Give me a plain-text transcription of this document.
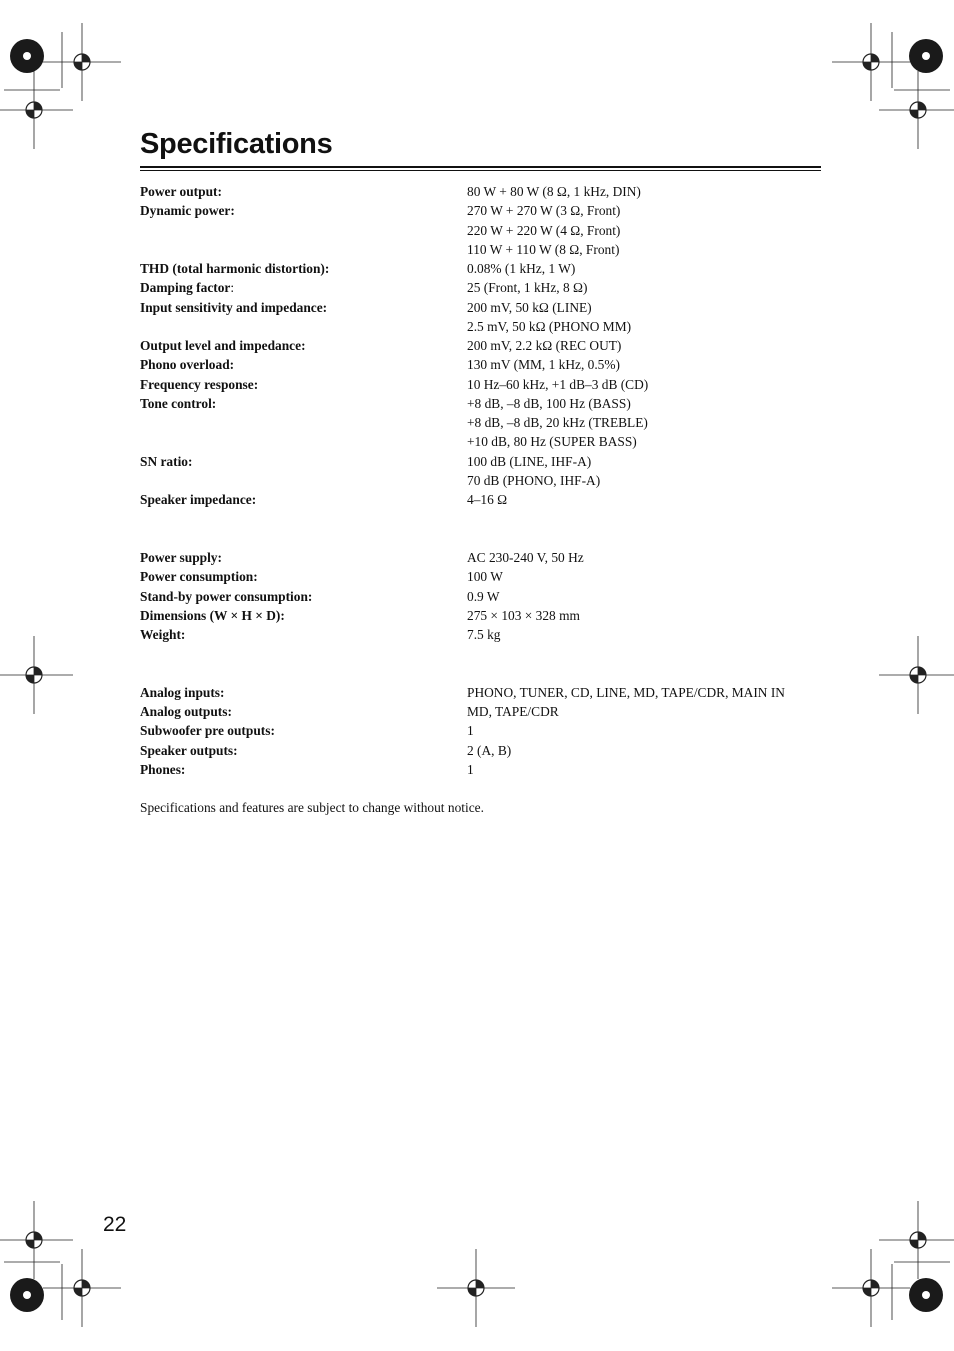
Specifications
Power output:	80 W + 80 W (8 Ω, 1 kHz, DIN)
Dynamic power:	270 W + 270 W (3 Ω, Front)
220 W + 220 W (4 Ω, Front)
110 W + 110 W (8 Ω, Front)
THD (total harmonic distortion):	0.08% (1 kHz, 1 W)
Damping factor:	25 (Front, 1 kHz, 8 Ω)
Input sensitivity and impedance:	200 mV, 50 kΩ (LINE)
2.5 mV, 50 kΩ (PHONO MM)
Output level and impedance:	200 mV, 2.2 kΩ (REC OUT)
Phono overload:	130 mV (MM, 1 kHz, 0.5%)
Frequency response:	10 Hz–60 kHz, +1 dB–3 dB (CD)
Tone control:	+8 dB, –8 dB, 100 Hz (BASS)
+8 dB, –8 dB, 20 kHz (TREBLE)
+10 dB, 80 Hz (SUPER BASS)
SN ratio:	100 dB (LINE, IHF-A)
70 dB (PHONO, IHF-A)
Speaker impedance:	4–16 Ω
Power supply:	AC 230-240 V, 50 Hz
Power consumption:	100 W
Stand-by power consumption:	0.9 W
Dimensions (W × H × D):	275 × 103 × 328 mm
Weight:	7.5 kg
Analog inputs:	PHONO, TUNER, CD, LINE, MD, TAPE/CDR, MAIN IN
Analog outputs:	MD, TAPE/CDR
Subwoofer pre outputs:	1
Speaker outputs:	2 (A, B)
Phones:	1
Specifications and features are subject to change without notice.
22
